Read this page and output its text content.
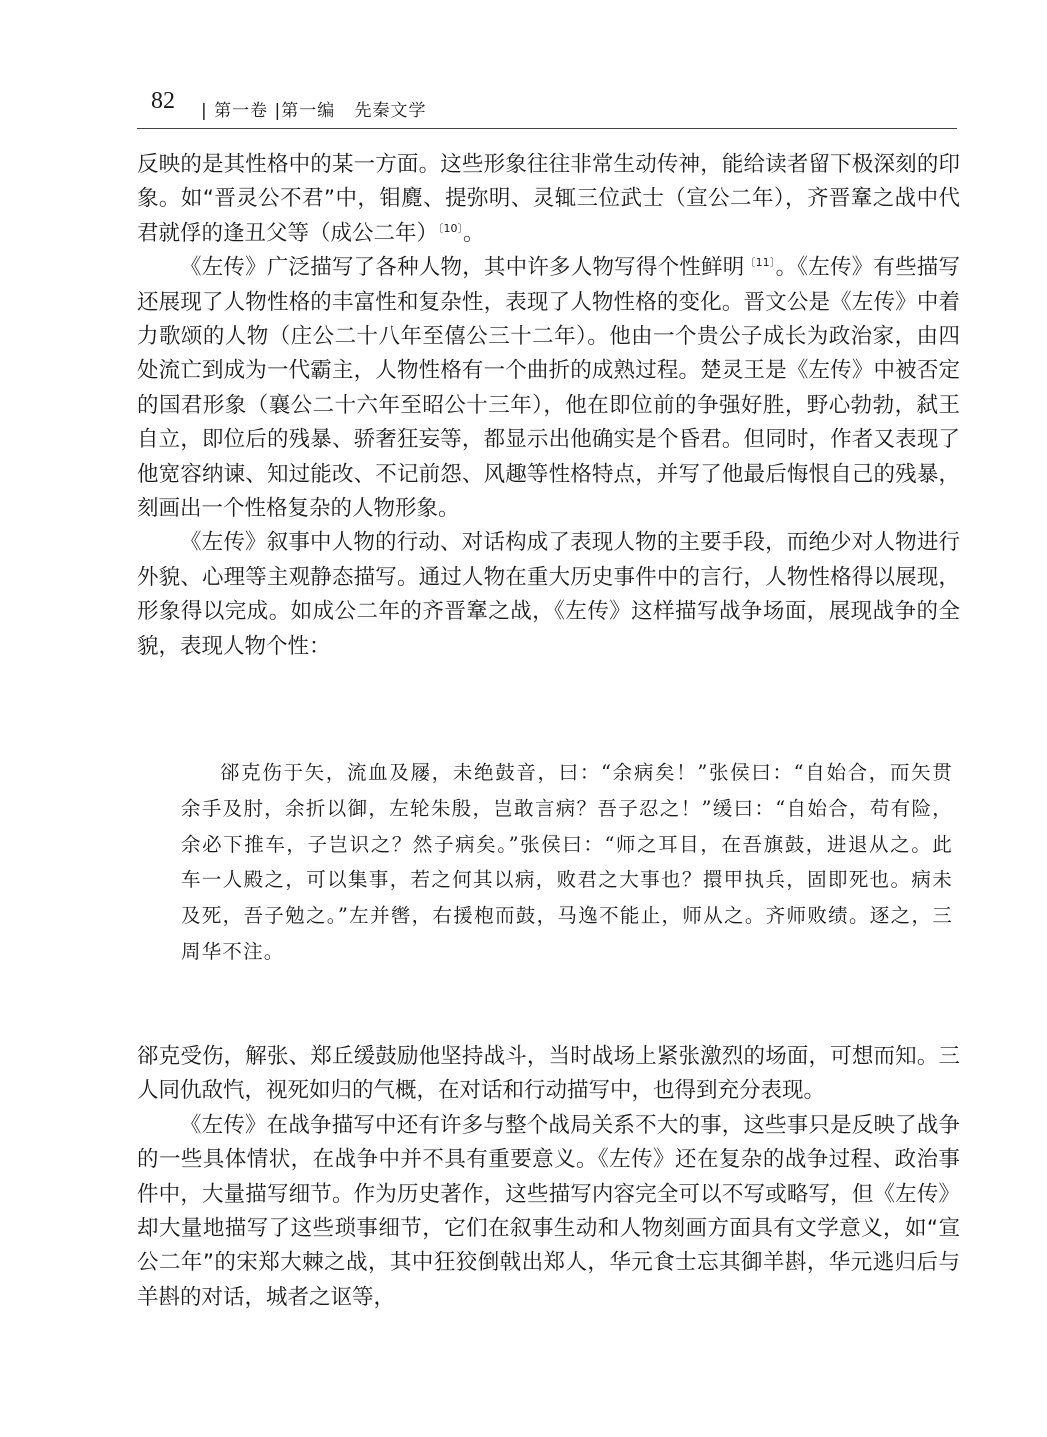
82 | 第一卷 |第一编   先秦文学

反映的是其性格中的某一方面。这些形象往往非常生动传神，能给读者留下极深刻的印象。如“晋灵公不君”中，钼麑、提弥明、灵辄三位武士（宣公二年），齐晋鞌之战中代君就俘的逢丑父等（成公二年）$^{〔10〕}$。

《左传》广泛描写了各种人物，其中许多人物写得个性鲜明$^{〔11〕}$。《左传》有些描写还展现了人物性格的丰富性和复杂性，表现了人物性格的变化。晋文公是《左传》中着力歌颂的人物（庄公二十八年至僖公三十二年）。他由一个贵公子成长为政治家，由四处流亡到成为一代霸主，人物性格有一个曲折的成熟过程。楚灵王是《左传》中被否定的国君形象（襄公二十六年至昭公十三年），他在即位前的争强好胜，野心勃勃，弑王自立，即位后的残暴、骄奢狂妄等，都显示出他确实是个昏君。但同时，作者又表现了他宽容纳谏、知过能改、不记前怨、风趣等性格特点，并写了他最后悔恨自己的残暴，刻画出一个性格复杂的人物形象。

《左传》叙事中人物的行动、对话构成了表现人物的主要手段，而绝少对人物进行外貌、心理等主观静态描写。通过人物在重大历史事件中的言行，人物性格得以展现，形象得以完成。如成公二年的齐晋鞌之战，《左传》这样描写战争场面，展现战争的全貌，表现人物个性：

郤克伤于矢，流血及屦，未绝鼓音，曰：“余病矣！”张侯曰：“自始合，而矢贯余手及肘，余折以御，左轮朱殷，岂敢言病？吾子忍之！”缓曰：“自始合，苟有险，余必下推车，子岂识之？然子病矣。”张侯曰：“师之耳目，在吾旗鼓，进退从之。此车一人殿之，可以集事，若之何其以病，败君之大事也？擐甲执兵，固即死也。病未及死，吾子勉之。”左并辔，右援枹而鼓，马逸不能止，师从之。齐师败绩。逐之，三周华不注。

郤克受伤，解张、郑丘缓鼓励他坚持战斗，当时战场上紧张激烈的场面，可想而知。三人同仇敌忾，视死如归的气概，在对话和行动描写中，也得到充分表现。

《左传》在战争描写中还有许多与整个战局关系不大的事，这些事只是反映了战争的一些具体情状，在战争中并不具有重要意义。《左传》还在复杂的战争过程、政治事件中，大量描写细节。作为历史著作，这些描写内容完全可以不写或略写，但《左传》却大量地描写了这些琐事细节，它们在叙事生动和人物刻画方面具有文学意义，如“宣公二年”的宋郑大棘之战，其中狂狡倒戟出郑人，华元食士忘其御羊斟，华元逃归后与羊斟的对话，城者之讴等，
